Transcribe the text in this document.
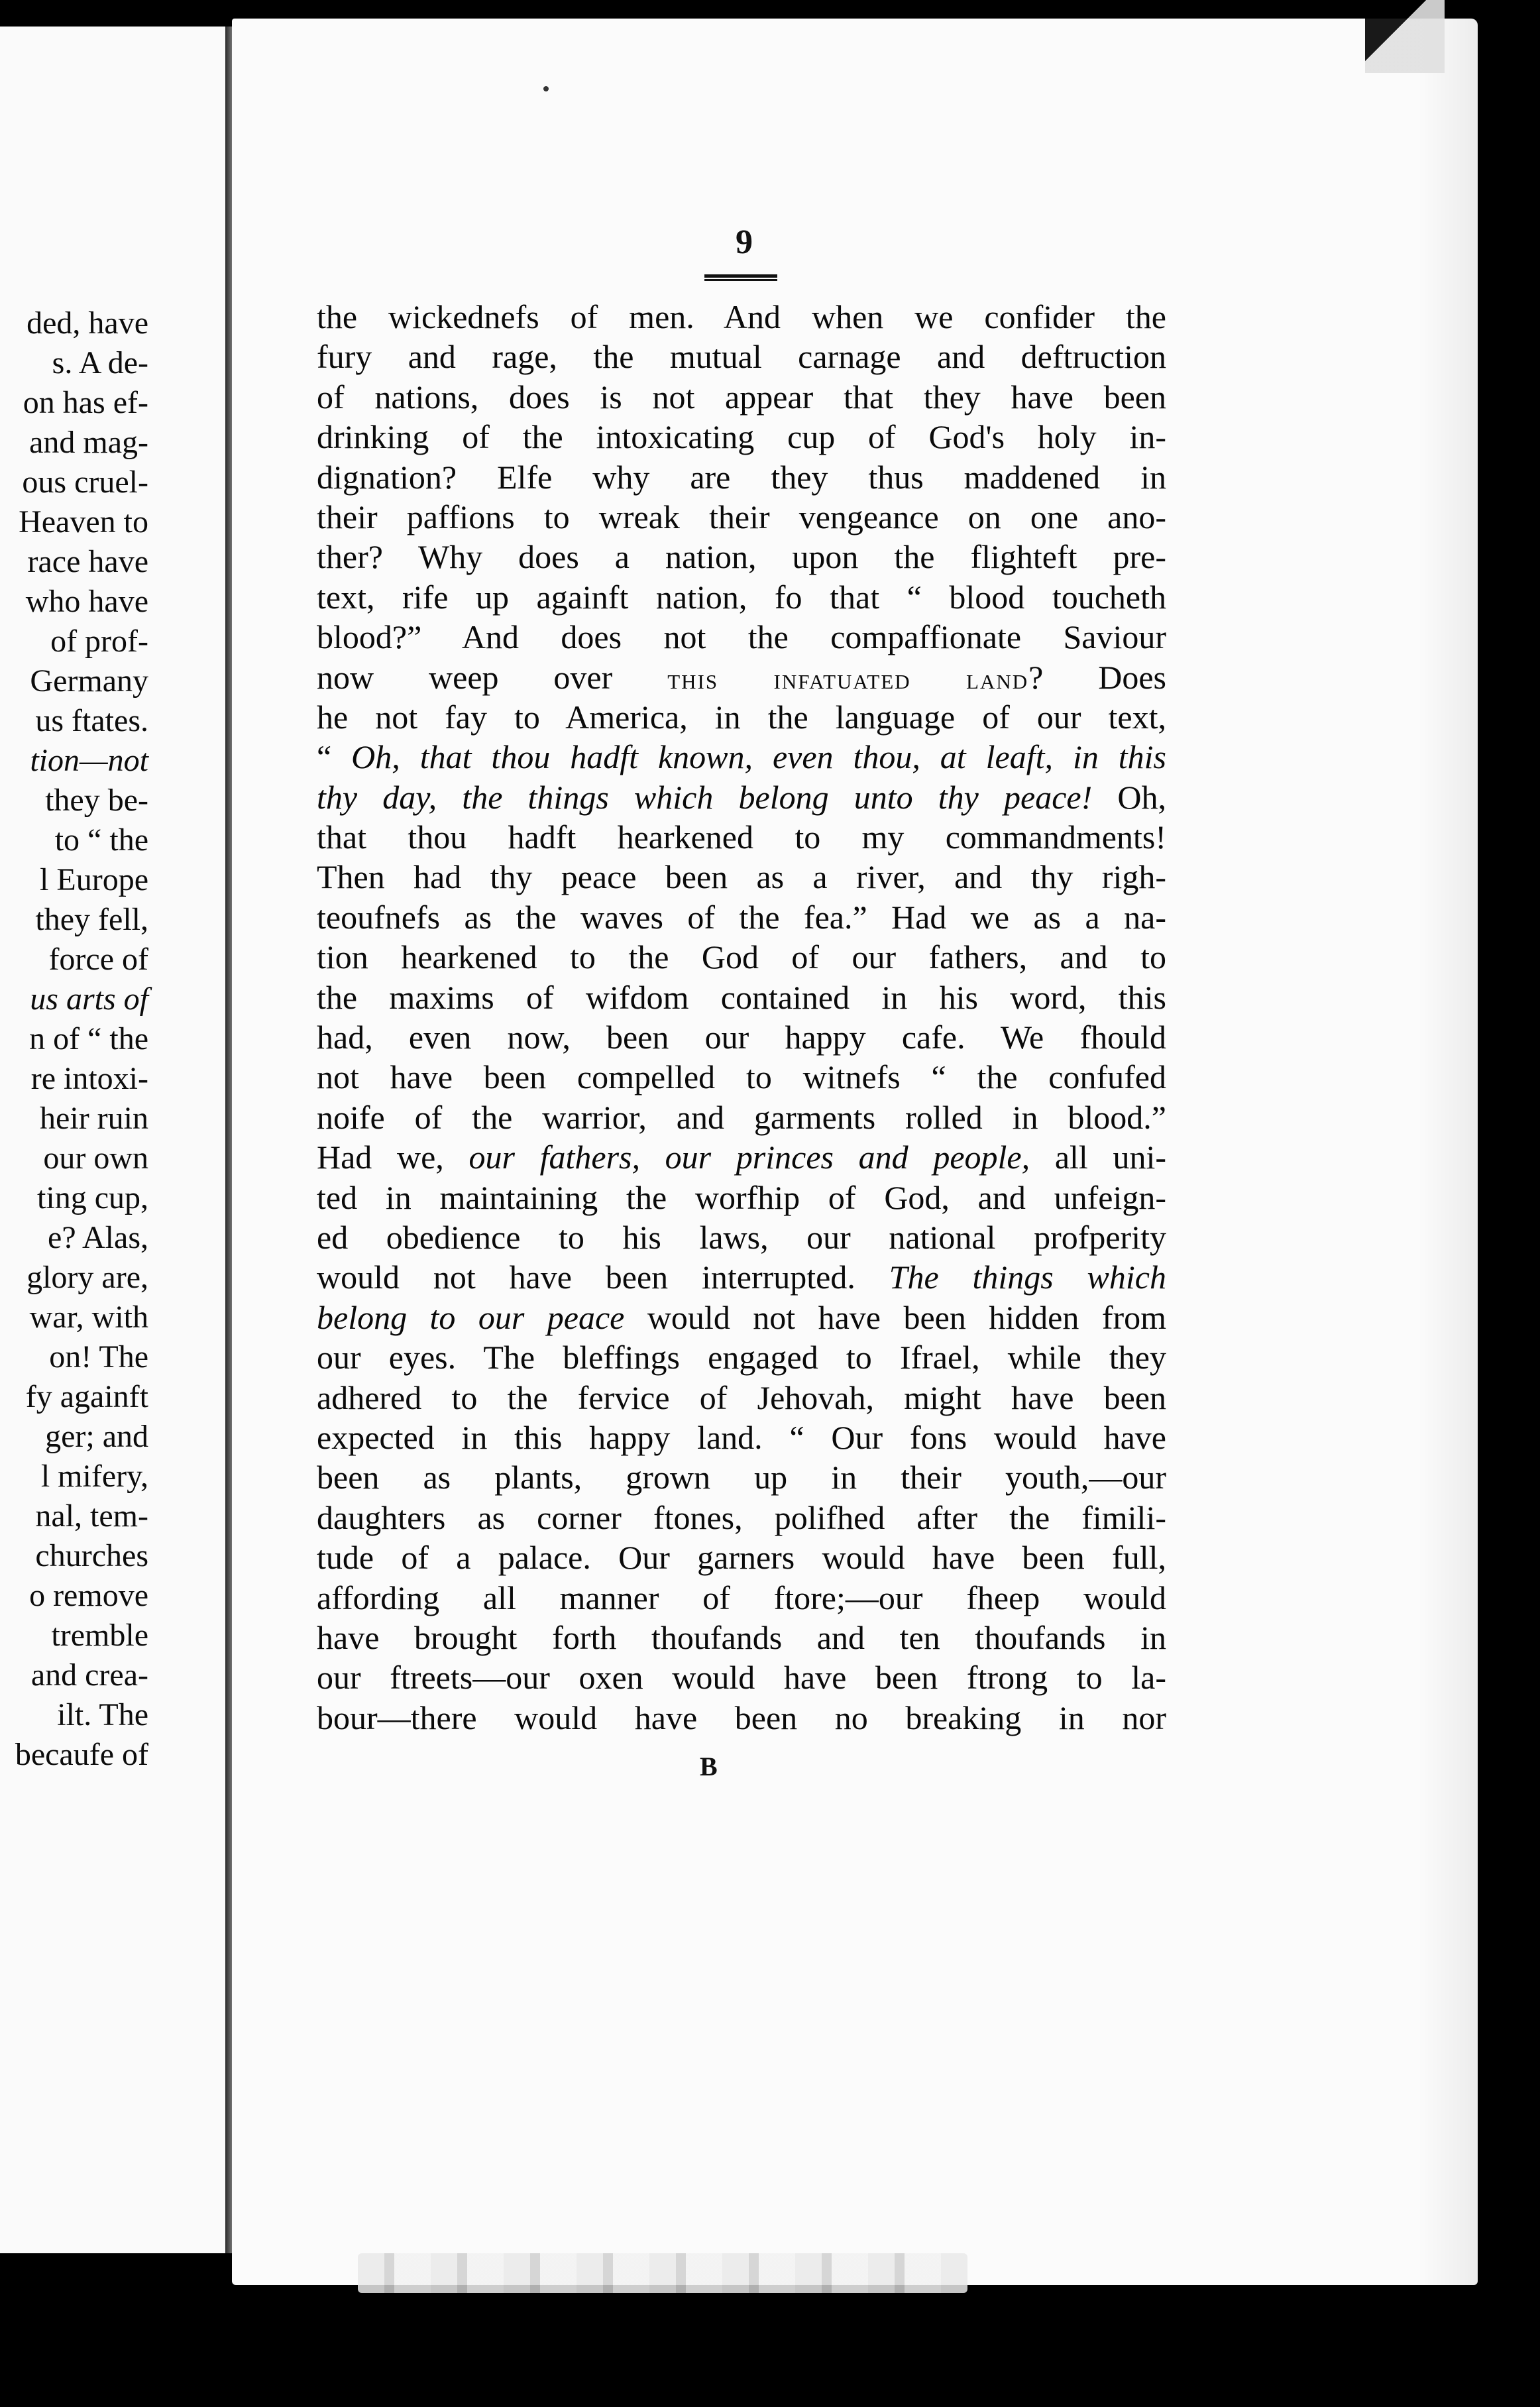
ded, have
s. A de-
on has ef-
and mag-
ous cruel-
Heaven to
race have
who have
of prof-
Germany
us ftates.
tion—not
they be-
to “ the
l Europe
they fell,
force of
us arts of
n of “ the
re intoxi-
heir ruin
our own
ting cup,
e? Alas,
glory are,
war, with
on! The
fy againft
ger; and
l mifery,
nal, tem-
churches
o remove
tremble
and crea-
ilt. The
becaufe of
9
the wickednefs of men. And when we confider the
fury and rage, the mutual carnage and deftruction
of nations, does is not appear that they have been
drinking of the intoxicating cup of God's holy in-
dignation? Elfe why are they thus maddened in
their paffions to wreak their vengeance on one ano-
ther? Why does a nation, upon the flighteft pre-
text, rife up againft nation, fo that “ blood toucheth
blood?” And does not the compaffionate Saviour
now weep over this infatuated land? Does
he not fay to America, in the language of our text,
“ Oh, that thou hadft known, even thou, at leaft, in this
thy day, the things which belong unto thy peace! Oh,
that thou hadft hearkened to my commandments!
Then had thy peace been as a river, and thy righ-
teoufnefs as the waves of the fea.” Had we as a na-
tion hearkened to the God of our fathers, and to
the maxims of wifdom contained in his word, this
had, even now, been our happy cafe. We fhould
not have been compelled to witnefs “ the confufed
noife of the warrior, and garments rolled in blood.”
Had we, our fathers, our princes and people, all uni-
ted in maintaining the worfhip of God, and unfeign-
ed obedience to his laws, our national profperity
would not have been interrupted. The things which
belong to our peace would not have been hidden from
our eyes. The bleffings engaged to Ifrael, while they
adhered to the fervice of Jehovah, might have been
expected in this happy land. “ Our fons would have
been as plants, grown up in their youth,—our
daughters as corner ftones, polifhed after the fimili-
tude of a palace. Our garners would have been full,
affording all manner of ftore;—our fheep would
have brought forth thoufands and ten thoufands in
our ftreets—our oxen would have been ftrong to la-
bour—there would have been no breaking in nor
B
